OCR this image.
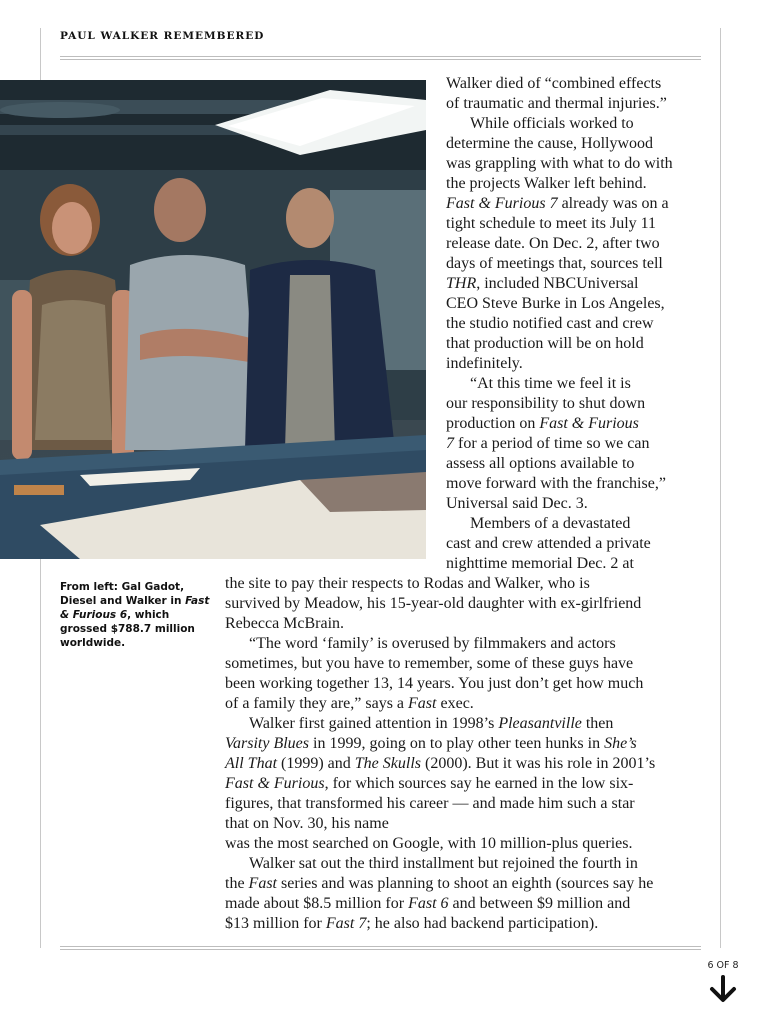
PAUL WALKER REMEMBERED
From left: Gal Gadot, Diesel and Walker in Fast & Furious 6, which grossed $788.7 million worldwide.
Walker died of “combined effects
of traumatic and thermal injuries.”
While officials worked to
determine the cause, Hollywood
was grappling with what to do with
the projects Walker left behind.
Fast & Furious 7 already was on a
tight schedule to meet its July 11
release date. On Dec. 2, after two
days of meetings that, sources tell
THR, included NBCUniversal
CEO Steve Burke in Los Angeles,
the studio notified cast and crew
that production will be on hold
indefinitely.
“At this time we feel it is
our responsibility to shut down
production on Fast & Furious
7 for a period of time so we can
assess all options available to
move forward with the franchise,”
Universal said Dec. 3.
Members of a devastated
cast and crew attended a private
nighttime memorial Dec. 2 at
the site to pay their respects to Rodas and Walker, who is
survived by Meadow, his 15-year-old daughter with ex-girlfriend
Rebecca McBrain.
“The word ‘family’ is overused by filmmakers and actors
sometimes, but you have to remember, some of these guys have
been working together 13, 14 years. You just don’t get how much
of a family they are,” says a Fast exec.
Walker first gained attention in 1998’s Pleasantville then
Varsity Blues in 1999, going on to play other teen hunks in She’s
All That (1999) and The Skulls (2000). But it was his role in 2001’s
Fast & Furious, for which sources say he earned in the low six-
figures, that transformed his career — and made him such a star
that on Nov. 30, his name
was the most searched on Google, with 10 million-plus queries.
Walker sat out the third installment but rejoined the fourth in
the Fast series and was planning to shoot an eighth (sources say he
made about $8.5 million for Fast 6 and between $9 million and
$13 million for Fast 7; he also had backend participation).
6 OF 8
